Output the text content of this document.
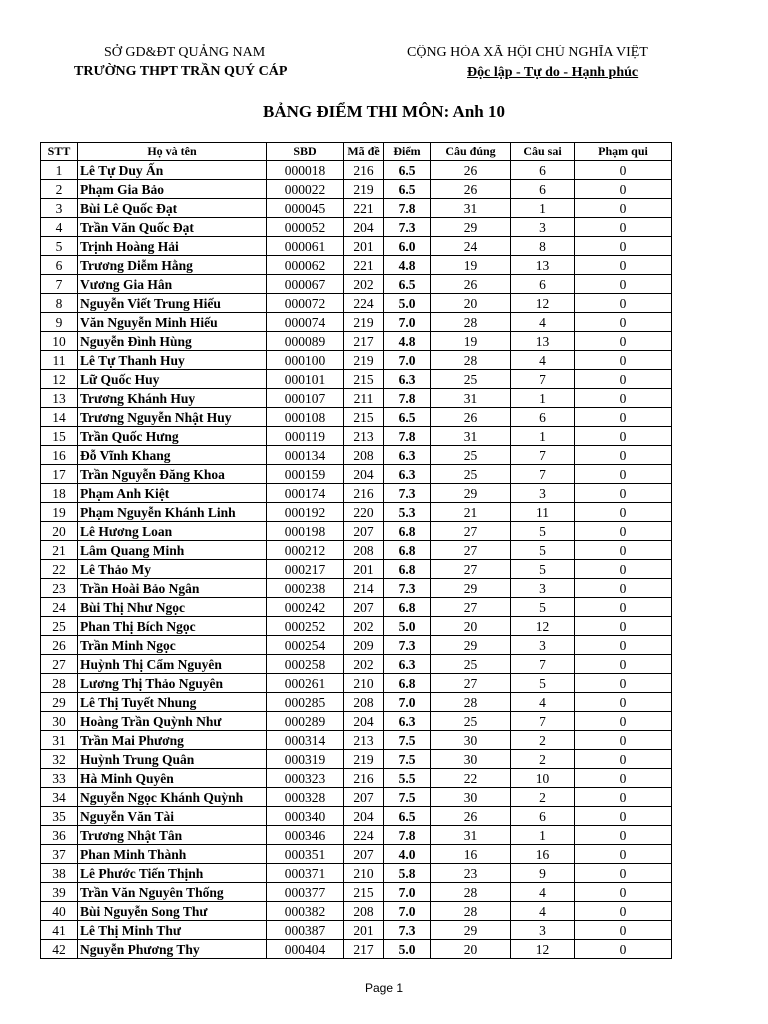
SỞ GD&ĐT QUẢNG NAM
TRƯỜNG THPT TRẦN QUÝ CÁP
CỘNG HÒA XÃ HỘI CHỦ NGHĨA VIỆT
Độc lập - Tự do - Hạnh phúc
BẢNG ĐIỂM THI MÔN: Anh 10
STT	Họ và tên	SBD	Mã đề	Điểm	Câu đúng	Câu sai	Phạm qui
1	Lê Tự Duy Ấn	000018	216	6.5	26	6	0
2	Phạm Gia Bảo	000022	219	6.5	26	6	0
3	Bùi Lê Quốc Đạt	000045	221	7.8	31	1	0
4	Trần Văn Quốc Đạt	000052	204	7.3	29	3	0
5	Trịnh Hoàng Hải	000061	201	6.0	24	8	0
6	Trương Diễm Hằng	000062	221	4.8	19	13	0
7	Vương Gia Hân	000067	202	6.5	26	6	0
8	Nguyễn Viết Trung Hiếu	000072	224	5.0	20	12	0
9	Văn Nguyễn Minh Hiếu	000074	219	7.0	28	4	0
10	Nguyễn Đình Hùng	000089	217	4.8	19	13	0
11	Lê Tự Thanh Huy	000100	219	7.0	28	4	0
12	Lữ Quốc Huy	000101	215	6.3	25	7	0
13	Trương Khánh Huy	000107	211	7.8	31	1	0
14	Trương Nguyễn Nhật Huy	000108	215	6.5	26	6	0
15	Trần Quốc Hưng	000119	213	7.8	31	1	0
16	Đỗ Vĩnh Khang	000134	208	6.3	25	7	0
17	Trần Nguyễn Đăng Khoa	000159	204	6.3	25	7	0
18	Phạm Anh Kiệt	000174	216	7.3	29	3	0
19	Phạm Nguyễn Khánh Linh	000192	220	5.3	21	11	0
20	Lê Hương Loan	000198	207	6.8	27	5	0
21	Lâm Quang Minh	000212	208	6.8	27	5	0
22	Lê Thảo My	000217	201	6.8	27	5	0
23	Trần Hoài Bảo Ngân	000238	214	7.3	29	3	0
24	Bùi Thị Như Ngọc	000242	207	6.8	27	5	0
25	Phan Thị Bích Ngọc	000252	202	5.0	20	12	0
26	Trần Minh Ngọc	000254	209	7.3	29	3	0
27	Huỳnh Thị Cẩm Nguyên	000258	202	6.3	25	7	0
28	Lương Thị Thảo Nguyên	000261	210	6.8	27	5	0
29	Lê Thị Tuyết Nhung	000285	208	7.0	28	4	0
30	Hoàng Trần Quỳnh Như	000289	204	6.3	25	7	0
31	Trần Mai Phương	000314	213	7.5	30	2	0
32	Huỳnh Trung Quân	000319	219	7.5	30	2	0
33	Hà Minh Quyên	000323	216	5.5	22	10	0
34	Nguyễn Ngọc Khánh Quỳnh	000328	207	7.5	30	2	0
35	Nguyễn Văn Tài	000340	204	6.5	26	6	0
36	Trương Nhật Tân	000346	224	7.8	31	1	0
37	Phan Minh Thành	000351	207	4.0	16	16	0
38	Lê Phước Tiến Thịnh	000371	210	5.8	23	9	0
39	Trần Văn Nguyên Thống	000377	215	7.0	28	4	0
40	Bùi Nguyễn Song Thư	000382	208	7.0	28	4	0
41	Lê Thị Minh Thư	000387	201	7.3	29	3	0
42	Nguyễn Phương Thy	000404	217	5.0	20	12	0
Page 1
